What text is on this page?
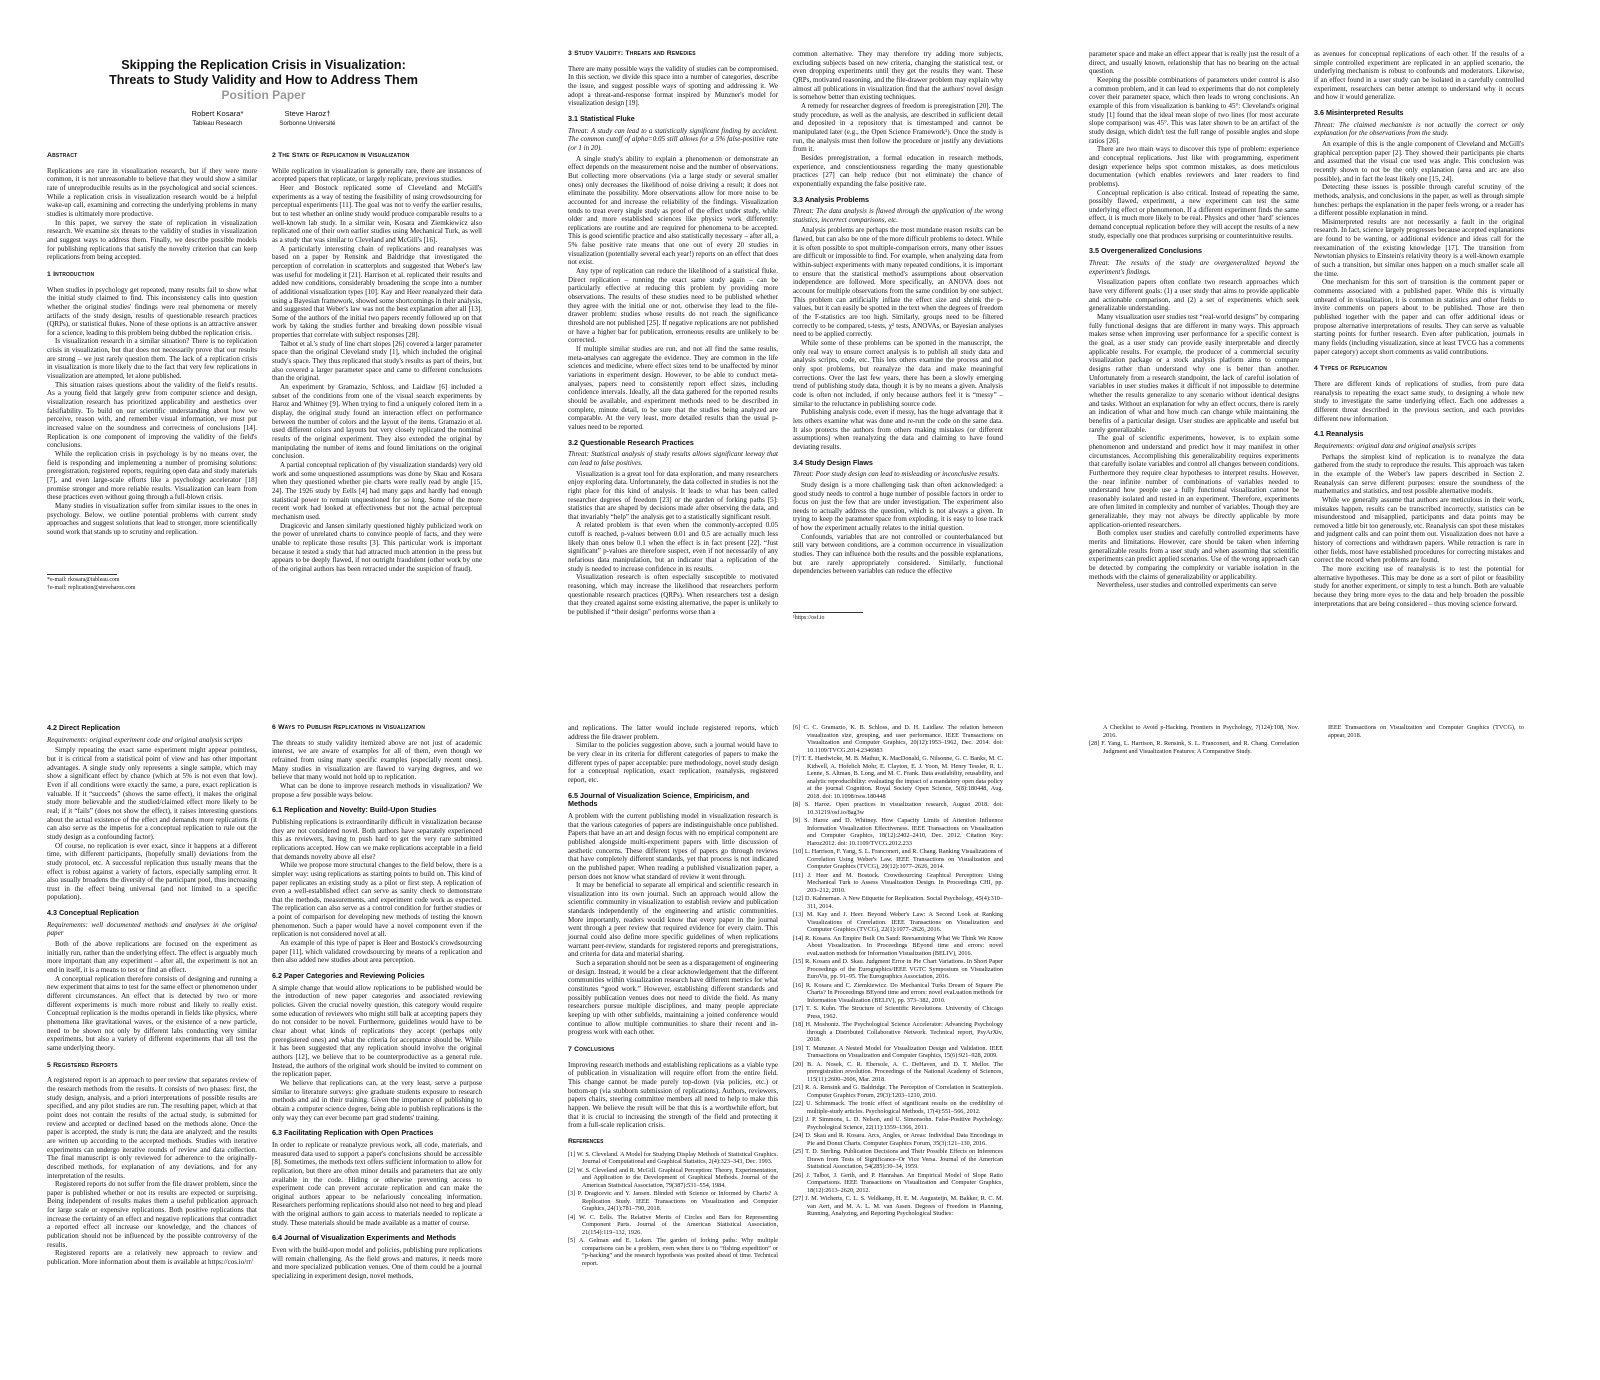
Skipping the Replication Crisis in Visualization:
Threats to Study Validity and How to Address Them
Position Paper
Robert Kosara*
Tableau Research
Steve Haroz†
Sorbonne Université
Abstract
Replications are rare in visualization research, but if they were more common, it is not unreasonable to believe that they would show a similar rate of unreproducible results as in the psychological and social sciences. While a replication crisis in visualization research would be a helpful wake-up call, examining and correcting the underlying problems in many studies is ultimately more productive.
In this paper, we survey the state of replication in visualization research. We examine six threats to the validity of studies in visualization and suggest ways to address them. Finally, we describe possible models for publishing replications that satisfy the novelty criterion that can keep replications from being accepted.
1 Introduction
When studies in psychology get repeated, many results fail to show what the initial study claimed to find. This inconsistency calls into question whether the original studies' findings were real phenomena or merely artifacts of the study design, results of questionable research practices (QRPs), or statistical flukes. None of these options is an attractive answer for a science, leading to this problem being dubbed the replication crisis.
Is visualization research in a similar situation? There is no replication crisis in visualization, but that does not necessarily prove that our results are strong – we just rarely question them. The lack of a replication crisis in visualization is more likely due to the fact that very few replications in visualization are attempted, let alone published.
This situation raises questions about the validity of the field's results. As a young field that largely grew from computer science and design, visualization research has prioritized applicability and aesthetics over falsifiability. To build on our scientific understanding about how we perceive, reason with, and remember visual information, we must put increased value on the soundness and correctness of conclusions [14]. Replication is one component of improving the validity of the field's conclusions.
While the replication crisis in psychology is by no means over, the field is responding and implementing a number of promising solutions: preregistration, registered reports, requiring open data and study materials [7], and even large-scale efforts like a psychology accelerator [18] promise stronger and more reliable results. Visualization can learn from these practices even without going through a full-blown crisis.
Many studies in visualization suffer from similar issues to the ones in psychology. Below, we outline potential problems with current study approaches and suggest solutions that lead to stronger, more scientifically sound work that stands up to scrutiny and replication.
*e-mail: rkosara@tableau.com
†e-mail: replication@steveharoz.com
2 The State of Replication in Visualization
While replication in visualization is generally rare, there are instances of accepted papers that replicate, or largely replicate, previous studies.
Heer and Bostock replicated some of Cleveland and McGill's experiments as a way of testing the feasibility of using crowdsourcing for perceptual experiments [11]. The goal was not to verify the earlier results, but to test whether an online study would produce comparable results to a well-known lab study. In a similar vein, Kosara and Ziemkiewicz also replicated one of their own earlier studies using Mechanical Turk, as well as a study that was similar to Cleveland and McGill's [16].
A particularly interesting chain of replications and reanalyses was based on a paper by Rensink and Baldridge that investigated the perception of correlation in scatterplots and suggested that Weber's law was useful for modeling it [21]. Harrison et al. replicated their results and added new conditions, considerably broadening the scope into a number of additional visualization types [10]. Kay and Heer reanalyzed their data using a Bayesian framework, showed some shortcomings in their analysis, and suggested that Weber's law was not the best explanation after all [13]. Some of the authors of the initial two papers recently followed up on that work by taking the studies further and breaking down possible visual properties that correlate with subject responses [28].
Talbot et al.'s study of line chart slopes [26] covered a larger parameter space than the original Cleveland study [1], which included the original study's space. They thus replicated that study's results as part of theirs, but also covered a larger parameter space and came to different conclusions than the original.
An experiment by Gramazio, Schloss, and Laidlaw [6] included a subset of the conditions from one of the visual search experiments by Haroz and Whitney [9]. When trying to find a uniquely colored item in a display, the original study found an interaction effect on performance between the number of colors and the layout of the items. Gramazio et al. used different colors and layouts but very closely replicated the nominal results of the original experiment. They also extended the original by manipulating the number of items and found limitations on the original conclusion.
A partial conceptual replication of (by visualization standards) very old work and some unquestioned assumptions was done by Skau and Kosara when they questioned whether pie charts were really read by angle [15, 24]. The 1926 study by Eells [4] had many gaps and hardly had enough statistical power to remain unquestioned for so long. Some of the more recent work had looked at effectiveness but not the actual perceptual mechanism used.
Dragicevic and Jansen similarly questioned highly publicized work on the power of unrelated charts to convince people of facts, and they were unable to replicate those results [3]. This particular work is important because it tested a study that had attracted much attention in the press but appears to be deeply flawed, if not outright fraudulent (other work by one of the original authors has been retracted under the suspicion of fraud).
3 Study Validity: Threats and Remedies
There are many possible ways the validity of studies can be compromised. In this section, we divide this space into a number of categories, describe the issue, and suggest possible ways of spotting and addressing it. We adopt a threat-and-response format inspired by Munzner's model for visualization design [19].
3.1 Statistical Fluke
Threat: A study can lead to a statistically significant finding by accident. The common cutoff of alpha=0.05 still allows for a 5% false-positive rate (or 1 in 20).
A single study's ability to explain a phenomenon or demonstrate an effect depends on the measurement noise and the number of observations. But collecting more observations (via a large study or several smaller ones) only decreases the likelihood of noise driving a result; it does not eliminate the possibility. More observations allow for more noise to be accounted for and increase the reliability of the findings. Visualization tends to treat every single study as proof of the effect under study, while older and more established sciences like physics work differently: replications are routine and are required for phenomena to be accepted. This is good scientific practice and also statistically necessary – after all, a 5% false positive rate means that one out of every 20 studies in visualization (potentially several each year!) reports on an effect that does not exist.
Any type of replication can reduce the likelihood of a statistical fluke. Direct replication – running the exact same study again – can be particularly effective at reducing this problem by providing more observations. The results of these studies need to be published whether they agree with the initial one or not, otherwise they lead to the file-drawer problem: studies whose results do not reach the significance threshold are not published [25]. If negative replications are not published or have a higher bar for publication, erroneous results are unlikely to be corrected.
If multiple similar studies are run, and not all find the same results, meta-analyses can aggregate the evidence. They are common in the life sciences and medicine, where effect sizes tend to be unaffected by minor variations in experiment design. However, to be able to conduct meta-analyses, papers need to consistently report effect sizes, including confidence intervals. Ideally, all the data gathered for the reported results should be available, and experiment methods need to be described in complete, minute detail, to be sure that the studies being analyzed are comparable. At the very least, more detailed results than the usual p-values need to be reported.
3.2 Questionable Research Practices
Threat: Statistical analysis of study results allows significant leeway that can lead to false positives.
Visualization is a great tool for data exploration, and many researchers enjoy exploring data. Unfortunately, the data collected in studies is not the right place for this kind of analysis. It leads to what has been called researcher degrees of freedom [23] or the garden of forking paths [5]: statistics that are shaped by decisions made after observing the data, and that invariably “help” the analysis get to a statistically significant result.
A related problem is that even when the commonly-accepted 0.05 cutoff is reached, p-values between 0.01 and 0.5 are actually much less likely than ones below 0.1 when the effect is in fact present [22]. “Just significant” p-values are therefore suspect, even if not necessarily of any nefarious data manipulation, but an indicator that a replication of the study is needed to increase confidence in its results.
Visualization research is often especially susceptible to motivated reasoning, which may increase the likelihood that researchers perform questionable research practices (QRPs). When researchers test a design that they created against some existing alternative, the paper is unlikely to be published if “their design” performs worse than a
common alternative. They may therefore try adding more subjects, excluding subjects based on new criteria, changing the statistical test, or even dropping experiments until they get the results they want. These QRPs, motivated reasoning, and the file-drawer problem may explain why almost all publications in visualization find that the authors' novel design is somehow better than existing techniques.
A remedy for researcher degrees of freedom is preregistration [20]. The study procedure, as well as the analysis, are described in sufficient detail and deposited in a repository that is timestamped and cannot be manipulated later (e.g., the Open Science Framework¹). Once the study is run, the analysis must then follow the procedure or justify any deviations from it.
Besides preregistration, a formal education in research methods, experience, and conscientiousness regarding the many questionable practices [27] can help reduce (but not eliminate) the chance of exponentially expanding the false positive rate.
3.3 Analysis Problems
Threat: The data analysis is flawed through the application of the wrong statistics, incorrect comparisons, etc.
Analysis problems are perhaps the most mundane reason results can be flawed, but can also be one of the more difficult problems to detect. While it is often possible to spot multiple-comparison errors, many other issues are difficult or impossible to find. For example, when analyzing data from within-subject experiments with many repeated conditions, it is important to ensure that the statistical method's assumptions about observation independence are followed. More specifically, an ANOVA does not account for multiple observations from the same condition by one subject. This problem can artificially inflate the effect size and shrink the p-values, but it can easily be spotted in the text when the degrees of freedom of the F-statistics are too high. Similarly, groups need to be filtered correctly to be compared, t-tests, χ² tests, ANOVAs, or Bayesian analyses need to be applied correctly.
While some of these problems can be spotted in the manuscript, the only real way to ensure correct analysis is to publish all study data and analysis scripts, code, etc. This lets others examine the process and not only spot problems, but reanalyze the data and make meaningful corrections. Over the last few years, there has been a slowly emerging trend of publishing study data, though it is by no means a given. Analysis code is often not included, if only because authors feel it is “messy” – similar to the reluctance in publishing source code.
Publishing analysis code, even if messy, has the huge advantage that it lets others examine what was done and re-run the code on the same data. It also protects the authors from others making mistakes (or different assumptions) when reanalyzing the data and claiming to have found deviating results.
3.4 Study Design Flaws
Threat: Poor study design can lead to misleading or inconclusive results.
Study design is a more challenging task than often acknowledged: a good study needs to control a huge number of possible factors in order to focus on just the few that are under investigation. The experiment also needs to actually address the question, which is not always a given. In trying to keep the parameter space from exploding, it is easy to lose track of how the experiment actually relates to the initial question.
Confounds, variables that are not controlled or counterbalanced but still vary between conditions, are a common occurrence in visualization studies. They can influence both the results and the possible explanations, but are rarely appropriately considered. Similarly, functional dependencies between variables can reduce the effective
¹https://osf.io
parameter space and make an effect appear that is really just the result of a direct, and usually known, relationship that has no bearing on the actual question.
Keeping the possible combinations of parameters under control is also a common problem, and it can lead to experiments that do not completely cover their parameter space, which then leads to wrong conclusions. An example of this from visualization is banking to 45°: Cleveland's original study [1] found that the ideal mean slope of two lines (for most accurate slope comparison) was 45°. This was later shown to be an artifact of the study design, which didn't test the full range of possible angles and slope ratios [26].
There are two main ways to discover this type of problem: experience and conceptual replications. Just like with programming, experiment design experience helps spot common mistakes, as does meticulous documentation (which enables reviewers and later readers to find problems).
Conceptual replication is also critical. Instead of repeating the same, possibly flawed, experiment, a new experiment can test the same underlying effect or phenomenon. If a different experiment finds the same effect, it is much more likely to be real. Physics and other ‘hard’ sciences demand conceptual replication before they will accept the results of a new study, especially one that produces surprising or counterintuitive results.
3.5 Overgeneralized Conclusions
Threat: The results of the study are overgeneralized beyond the experiment's findings.
Visualization papers often conflate two research approaches which have very different goals: (1) a user study that aims to provide applicable and actionable comparison, and (2) a set of experiments which seek generalizable understanding.
Many visualization user studies test “real-world designs” by comparing fully functional designs that are different in many ways. This approach makes sense when improving user performance for a specific context is the goal, as a user study can provide easily interpretable and directly applicable results. For example, the producer of a commercial security visualization package or a stock analysis platform aims to compare designs rather than understand why one is better than another. Unfortunately from a research standpoint, the lack of careful isolation of variables in user studies makes it difficult if not impossible to determine whether the results generalize to any scenario without identical designs and tasks. Without an explanation for why an effect occurs, there is rarely an indication of what and how much can change while maintaining the benefits of a particular design. User studies are applicable and useful but rarely generalizable.
The goal of scientific experiments, however, is to explain some phenomenon and understand and predict how it may manifest in other circumstances. Accomplishing this generalizability requires experiments that carefully isolate variables and control all changes between conditions. Furthermore they require clear hypotheses to interpret results. However, the near infinite number of combinations of variables needed to understand how people use a fully functional visualization cannot be reasonably isolated and tested in an experiment. Therefore, experiments are often limited in complexity and number of variables. Though they are generalizable, they may not always be directly applicable by more application-oriented researchers.
Both complex user studies and carefully controlled experiments have merits and limitations. However, care should be taken when inferring generalizable results from a user study and when assuming that scientific experiments can predict applied scenarios. Use of the wrong approach can be detected by comparing the complexity or variable isolation in the methods with the claims of generalizability or applicability.
Nevertheless, user studies and controlled experiments can serve
as avenues for conceptual replications of each other. If the results of a simple controlled experiment are replicated in an applied scenario, the underlying mechanism is robust to confounds and moderators. Likewise, if an effect found in a user study can be isolated in a carefully controlled experiment, researchers can better attempt to understand why it occurs and how it would generalize.
3.6 Misinterpreted Results
Threat: The claimed mechanism is not actually the correct or only explanation for the observations from the study.
An example of this is the angle component of Cleveland and McGill's graphical perception paper [2]. They showed their participants pie charts and assumed that the visual cue used was angle. This conclusion was recently shown to not be the only explanation (area and arc are also possible), and in fact the least likely one [15, 24].
Detecting these issues is possible through careful scrutiny of the methods, analysis, and conclusions in the paper, as well as through simple hunches: perhaps the explanation in the paper feels wrong, or a reader has a different possible explanation in mind.
Misinterpreted results are not necessarily a fault in the original research. In fact, science largely progresses because accepted explanations are found to be wanting, or additional evidence and ideas call for the reexamination of the existing knowledge [17]. The transition from Newtonian physics to Einstein's relativity theory is a well-known example of such a transition, but similar ones happen on a much smaller scale all the time.
One mechanism for this sort of transition is the comment paper or comments associated with a published paper. While this is virtually unheard of in visualization, it is common in statistics and other fields to invite comments on papers about to be published. Those are then published together with the paper and can offer additional ideas or propose alternative interpretations of results. They can serve as valuable starting points for further research. Even after publication, journals in many fields (including visualization, since at least TVCG has a comments paper category) accept short comments as valid contributions.
4 Types of Replication
There are different kinds of replications of studies, from pure data reanalysis to repeating the exact same study, to designing a whole new study to investigate the same underlying effect. Each one addresses a different threat described in the previous section, and each provides different new information.
4.1 Reanalysis
Requirements: original data and original analysis scripts
Perhaps the simplest kind of replication is to reanalyze the data gathered from the study to reproduce the results. This approach was taken in the example of the Weber's law papers described in Section 2. Reanalysis can serve different purposes: ensure the soundness of the mathematics and statistics, and test possible alternative models.
While we generally assume that authors are meticulous in their work, mistakes happen, results can be transcribed incorrectly, statistics can be misunderstood and misapplied, participants and data points may be removed a little bit too generously, etc. Reanalysis can spot these mistakes and judgment calls and can point them out. Visualization does not have a history of corrections and withdrawn papers. While retraction is rare in other fields, most have established procedures for correcting mistakes and correct the record when problems are found.
The more exciting use of reanalysis is to test the potential for alternative hypotheses. This may be done as a sort of pilot or feasibility study for another experiment, or simply to test a hunch. Both are valuable because they bring more eyes to the data and help broaden the possible interpretations that are being considered – thus moving science forward.
4.2 Direct Replication
Requirements: original experiment code and original analysis scripts
Simply repeating the exact same experiment might appear pointless, but it is critical from a statistical point of view and has other important advantages. A single study only represents a single sample, which may show a significant effect by chance (which at 5% is not even that low). Even if all conditions were exactly the same, a pure, exact replication is valuable. If it “succeeds” (shows the same effect), it makes the original study more believable and the studied/claimed effect more likely to be real; if it “fails” (does not show the effect), it raises interesting questions about the actual existence of the effect and demands more replications (it can also serve as the impetus for a conceptual replication to rule out the study design as a confounding factor).
Of course, no replication is ever exact, since it happens at a different time, with different participants, (hopefully small) deviations from the study protocol, etc. A successful replication thus usually means that the effect is robust against a variety of factors, especially sampling error. It also usually broadens the diversity of the participant pool, thus increasing trust in the effect being universal (and not limited to a specific population).
4.3 Conceptual Replication
Requirements: well documented methods and analyses in the original paper
Both of the above replications are focused on the experiment as initially run, rather than the underlying effect. The effect is arguably much more important than any experiment – after all, the experiment is not an end in itself, it is a means to test or find an effect.
A conceptual replication therefore consists of designing and running a new experiment that aims to test for the same effect or phenomenon under different circumstances. An effect that is detected by two or more different experiments is much more robust and likely to really exist. Conceptual replication is the modus operandi in fields like physics, where phenomena like gravitational waves, or the existence of a new particle, need to be shown not only by different labs conducting very similar experiments, but also a variety of different experiments that all test the same underlying theory.
5 Registered Reports
A registered report is an approach to peer review that separates review of the research methods from the results. It consists of two phases: first, the study design, analysis, and a priori interpretations of possible results are specified, and any pilot studies are run. The resulting paper, which at that point does not contain the results of the actual study, is submitted for review and accepted or declined based on the methods alone. Once the paper is accepted, the study is run; the data are analyzed; and the results are written up according to the accepted methods. Studies with iterative experiments can undergo iterative rounds of review and data collection. The final manuscript is only reviewed for adherence to the originally-described methods, for explanation of any deviations, and for any interpretation of the results.
Registered reports do not suffer from the file drawer problem, since the paper is published whether or not its results are expected or surprising. Being independent of results makes them a useful publication approach for large scale or expensive replications. Both positive replications that increase the certainty of an effect and negative replications that contradict a reported effect all increase our knowledge, and the chances of publication should not be influenced by the possible controversy of the results.
Registered reports are a relatively new approach to review and publication. More information about them is available at https://cos.io/rr/
6 Ways to Publish Replications in Visualization
The threats to study validity itemized above are not just of academic interest, we are aware of examples for all of them, even though we refrained from using many specific examples (especially recent ones). Many studies in visualization are flawed to varying degrees, and we believe that many would not hold up to replication.
What can be done to improve research methods in visualization? We propose a few possible ways below.
6.1 Replication and Novelty: Build-Upon Studies
Publishing replications is extraordinarily difficult in visualization because they are not considered novel. Both authors have separately experienced this as reviewers, having to push hard to get the very rare submitted replications accepted. How can we make replications acceptable in a field that demands novelty above all else?
While we propose more structural changes to the field below, there is a simpler way: using replications as starting points to build on. This kind of paper replicates an existing study as a pilot or first step. A replication of even a well-established effect can serve as sanity check to demonstrate that the methods, measurements, and experiment code work as expected. The replication can also serve as a control condition for further studies or a point of comparison for developing new methods of testing the known phenomenon. Such a paper would have a novel component even if the replication is not considered novel at all.
An example of this type of paper is Heer and Bostock's crowdsourcing paper [11], which validated crowdsourcing by means of a replication and then also added new studies about area perception.
6.2 Paper Categories and Reviewing Policies
A simple change that would allow replications to be published would be the introduction of new paper categories and associated reviewing policies. Given the crucial novelty question, this category would require some education of reviewers who might still balk at accepting papers they do not consider to be novel. Furthermore, guidelines would have to be clear about what kinds of replications they accept (perhaps only preregistered ones) and what the criteria for acceptance should be. While it has been suggested that any replication should involve the original authors [12], we believe that to be counterproductive as a general rule. Instead, the authors of the original work should be invited to comment on the replication paper.
We believe that replications can, at the very least, serve a purpose similar to literature surveys: give graduate students exposure to research methods and aid in their training. Given the importance of publishing to obtain a computer science degree, being able to publish replications is the only way they can ever become part grad students' training.
6.3 Facilitating Replication with Open Practices
In order to replicate or reanalyze previous work, all code, materials, and measured data used to support a paper's conclusions should be accessible [8]. Sometimes, the methods text offers sufficient information to allow for replication, but there are often minor details and parameters that are only available in the code. Hiding or otherwise preventing access to experiment code can prevent accurate replication and can make the original authors appear to be nefariously concealing information. Researchers performing replications should also not need to beg and plead with the original authors to gain access to materials needed to replicate a study. These materials should be made available as a matter of course.
6.4 Journal of Visualization Experiments and Methods
Even with the build-upon model and policies, publishing pure replications will remain challenging. As the field grows and matures, it needs more and more specialized publication venues. One of them could be a journal specializing in experiment design, novel methods,
and replications. The latter would include registered reports, which address the file drawer problem.
Similar to the policies suggestion above, such a journal would have to be very clear in its criteria for different categories of papers to make the different types of paper acceptable: pure methodology, novel study design for a conceptual replication, exact replication, reanalysis, registered report, etc.
6.5 Journal of Visualization Science, Empiricism, and Methods
A problem with the current publishing model in visualization research is that the various categories of papers are indistinguishable once published. Papers that have an art and design focus with no empirical component are published alongside multi-experiment papers with little discussion of aesthetic concerns. These different types of papers go through reviews that have completely different standards, yet that process is not indicated on the published paper. When reading a published visualization paper, a person does not know what standard of review it went through.
It may be beneficial to separate all empirical and scientific research in visualization into its own journal. Such an approach would allow the scientific community in visualization to establish review and publication standards independently of the engineering and artistic communities. More importantly, readers would know that every paper in the journal went through a peer review that required evidence for every claim. This journal could also define more specific guidelines of when replications warrant peer-review, standards for registered reports and preregistrations, and criteria for data and material sharing.
Such a separation should not be seen as a disparagement of engineering or design. Instead, it would be a clear acknowledgement that the different communities within visualization research have different metrics for what constitutes “good work.” However, establishing different standards and possibly publication venues does not need to divide the field. As many researchers pursue multiple disciplines, and many people appreciate keeping up with other subfields, maintaining a joined conference would continue to allow multiple communities to share their recent and in-progress work with each other.
7 Conclusions
Improving research methods and establishing replications as a viable type of publication in visualization will require effort from the entire field. This change cannot be made purely top-down (via policies, etc.) or bottom-up (via stubborn submission of replications). Authors, reviewers, papers chairs, steering committee members all need to help to make this happen. We believe the result will be that this is a worthwhile effort, but that it is crucial to increasing the strength of the field and protecting it from a full-scale replication crisis.
References
[1] W. S. Cleveland. A Model for Studying Display Methods of Statistical Graphics. Journal of Computational and Graphical Statistics, 2(4):323–343, Dec. 1993.
[2] W. S. Cleveland and R. McGill. Graphical Perception: Theory, Experimentation, and Application to the Development of Graphical Methods. Journal of the American Statistical Association, 79(387):531–554, 1984.
[3] P. Dragicevic and Y. Jansen. Blinded with Science or Informed by Charts? A Replication Study. IEEE Transactions on Visualization and Computer Graphics, 24(1):781–790, 2018.
[4] W. C. Eells. The Relative Merits of Circles and Bars for Representing Component Parts. Journal of the American Statistical Association, 21(154):119–132, 1926.
[5] A. Gelman and E. Loken. The garden of forking paths: Why multiple comparisons can be a problem, even when there is no “fishing expedition” or “p-hacking” and the research hypothesis was posited ahead of time. Technical report.
[6] C. C. Gramazio, K. B. Schloss, and D. H. Laidlaw. The relation between visualization size, grouping, and user performance. IEEE Transactions on Visualization and Computer Graphics, 20(12):1953–1962, Dec. 2014. doi: 10.1109/TVCG.2014.2346983
[7] T. E. Hardwicke, M. B. Mathur, K. MacDonald, G. Nilsonne, G. C. Banks, M. C. Kidwell, A. Hofelich Mohr, E. Clayton, E. J. Yoon, M. Henry Tessler, R. L. Lenne, S. Altman, B. Long, and M. C. Frank. Data availability, reusability, and analytic reproducibility: evaluating the impact of a mandatory open data policy at the journal Cognition. Royal Society Open Science, 5(8):180448, Aug. 2018. doi: 10.1098/rsos.180448
[8] S. Haroz. Open practices in visualization research, August 2018. doi: 10.31219/osf.io/8ag3w
[9] S. Haroz and D. Whitney. How Capacity Limits of Attention Influence Information Visualization Effectiveness. IEEE Transactions on Visualization and Computer Graphics, 18(12):2402–2410, Dec. 2012. Citation Key: Haroz2012. doi: 10.1109/TVCG.2012.233
[10] L. Harrison, F. Yang, S. L. Franconeri, and R. Chang. Ranking Visualizations of Correlation Using Weber's Law. IEEE Transactions on Visualization and Computer Graphics (TVCG), 20(12):1077–2626, 2014.
[11] J. Heer and M. Bostock. Crowdsourcing Graphical Perception: Using Mechanical Turk to Assess Visualization Design. In Proceedings CHI, pp. 203–212, 2010.
[12] D. Kahneman. A New Etiquette for Replication. Social Psychology, 45(4):310–311, 2014.
[13] M. Kay and J. Heer. Beyond Weber's Law: A Second Look at Ranking Visualizations of Correlation. IEEE Transactions on Visualization and Computer Graphics (TVCG), 22(1):1077–2626, 2016.
[14] R. Kosara. An Empire Built On Sand: Reexamining What We Think We Know About Visualization. In Proceedings BEyond time and errors: novel evaLuation methods for Information Visualization (BELIV), 2016.
[15] R. Kosara and D. Skau. Judgment Error in Pie Chart Variations. In Short Paper Proceedings of the Eurographics/IEEE VGTC Symposium on Visualization EuroVis, pp. 91–95. The Eurographics Association, 2016.
[16] R. Kosara and C. Ziemkiewicz. Do Mechanical Turks Dream of Square Pie Charts? In Proceedings BEyond time and errors: novel evaLuation methods for Information Visualization (BELIV), pp. 373–382, 2010.
[17] T. S. Kuhn. The Structure of Scientific Revolutions. University of Chicago Press, 1962.
[18] H. Moshontz. The Psychological Science Accelerator: Advancing Psychology through a Distributed Collaborative Network. Technical report, PsyArXiv, 2018.
[19] T. Munzner. A Nested Model for Visualization Design and Validation. IEEE Transactions on Visualization and Computer Graphics, 15(6):921–928, 2009.
[20] B. A. Nosek, C. R. Ebersole, A. C. DeHaven, and D. T. Mellor. The preregistration revolution. Proceedings of the National Academy of Sciences, 115(11):2600–2606, Mar. 2018.
[21] R. A. Rensink and G. Baldridge. The Perception of Correlation in Scatterplots. Computer Graphics Forum, 29(3):1203–1210, 2010.
[22] U. Schimmack. The ironic effect of significant results on the credibility of multiple-study articles. Psychological Methods, 17(4):551–566, 2012.
[23] J. P. Simmons, L. D. Nelson, and U. Simonsohn. False-Positive Psychology. Psychological Science, 22(11):1359–1366, 2011.
[24] D. Skau and R. Kosara. Arcs, Angles, or Areas: Individual Data Encodings in Pie and Donut Charts. Computer Graphics Forum, 35(3):121–130, 2016.
[25] T. D. Sterling. Publication Decisions and Their Possible Effects on Inferences Drawn from Tests of Significance–Or Vice Versa. Journal of the American Statistical Association, 54(285):30–34, 1959.
[26] J. Talbot, J. Gerth, and P. Hanrahan. An Empirical Model of Slope Ratio Comparisons. IEEE Transactions on Visualization and Computer Graphics, 18(12):2613–2620, 2012.
[27] J. M. Wicherts, C. L. S. Veldkamp, H. E. M. Augusteijn, M. Bakker, R. C. M. van Aert, and M. A. L. M. van Assen. Degrees of Freedom in Planning, Running, Analyzing, and Reporting Psychological Studies:
A Checklist to Avoid p-Hacking. Frontiers in Psychology, 7(124):108, Nov. 2016.
[28] F. Yang, L. Harrison, R. Rensink, S. L. Franconeri, and R. Chang. Correlation Judgment and Visualization Features: A Comparative Study.
IEEE Transactions on Visualization and Computer Graphics (TVCG), to appear, 2018.
